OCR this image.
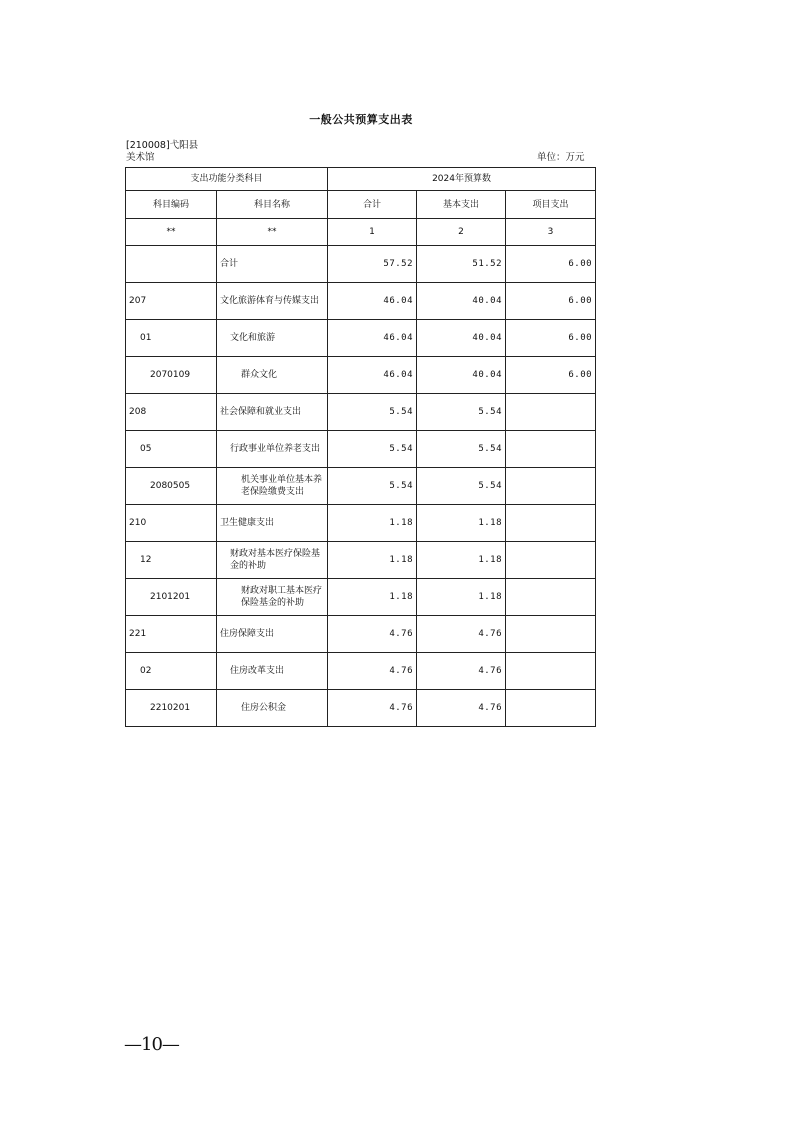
一般公共预算支出表
[210008]弋阳县
美术馆	单位：万元
支出功能分类科目		2024年预算数		
科目编码	科目名称	合计	基本支出	项目支出
**	**	1	2	3
	合计	57.52	51.52	6.00
207	文化旅游体育与传媒支出	46.04	40.04	6.00
01	文化和旅游	46.04	40.04	6.00
2070109	群众文化	46.04	40.04	6.00
208	社会保障和就业支出	5.54	5.54	
05	行政事业单位养老支出	5.54	5.54	
2080505	机关事业单位基本养老保险缴费支出	5.54	5.54	
210	卫生健康支出	1.18	1.18	
12	财政对基本医疗保险基金的补助	1.18	1.18	
2101201	财政对职工基本医疗保险基金的补助	1.18	1.18	
221	住房保障支出	4.76	4.76	
02	住房改革支出	4.76	4.76	
2210201	住房公积金	4.76	4.76	
—10—
